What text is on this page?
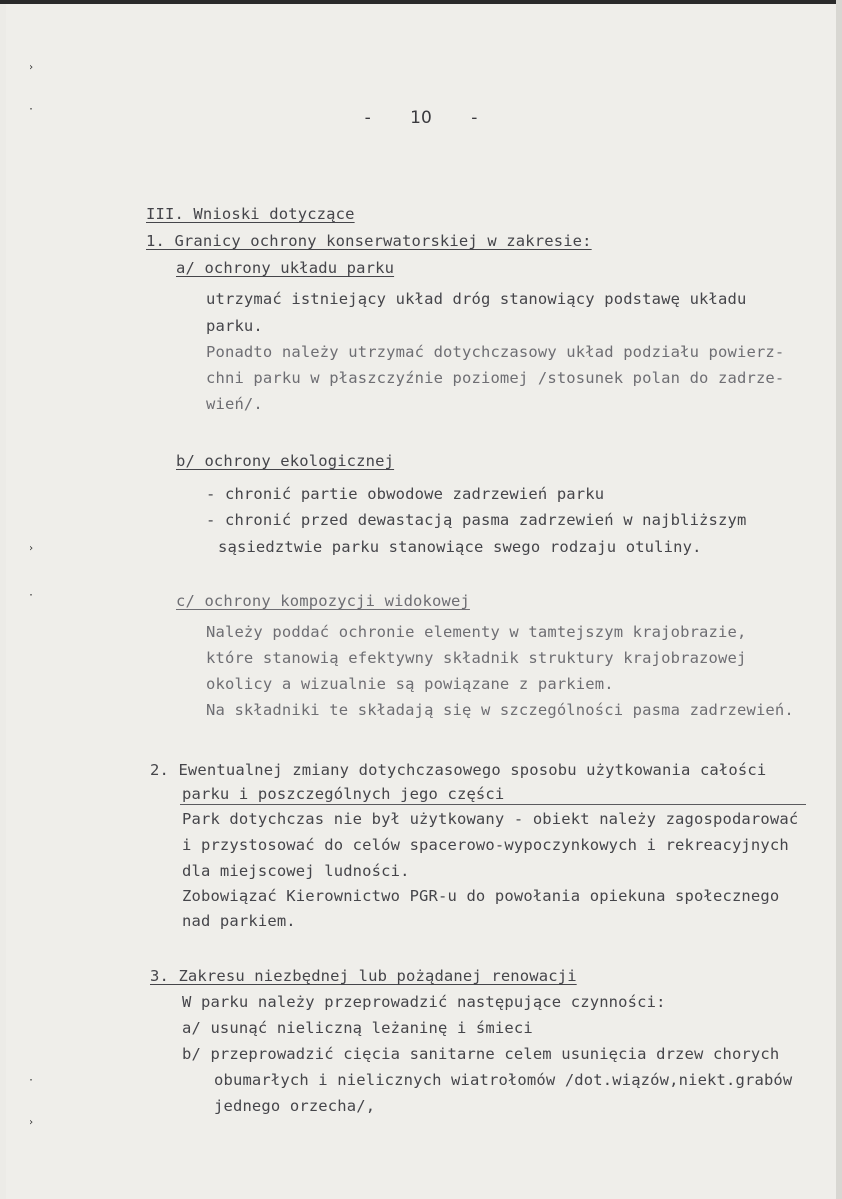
›
·
›
·
·
›
- 10 -
III. Wnioski dotyczące
1. Granicy ochrony konserwatorskiej w zakresie:
a/ ochrony układu parku
utrzymać istniejący układ dróg stanowiący podstawę układu
parku.
Ponadto należy utrzymać dotychczasowy układ podziału powierz-
chni parku w płaszczyźnie poziomej /stosunek polan do zadrze-
wień/.
b/ ochrony ekologicznej
- chronić partie obwodowe zadrzewień parku
- chronić przed dewastacją pasma zadrzewień w najbliższym
sąsiedztwie parku stanowiące swego rodzaju otuliny.
c/ ochrony kompozycji widokowej
Należy poddać ochronie elementy w tamtejszym krajobrazie,
które stanowią efektywny składnik struktury krajobrazowej
okolicy a wizualnie są powiązane z parkiem.
Na składniki te składają się w szczególności pasma zadrzewień.
2. Ewentualnej zmiany dotychczasowego sposobu użytkowania całości
parku i poszczególnych jego części
Park dotychczas nie był użytkowany - obiekt należy zagospodarować
i przystosować do celów spacerowo-wypoczynkowych i rekreacyjnych
dla miejscowej ludności.
Zobowiązać Kierownictwo PGR-u do powołania opiekuna społecznego
nad parkiem.
3. Zakresu niezbędnej lub pożądanej renowacji
W parku należy przeprowadzić następujące czynności:
a/ usunąć nieliczną leżaninę i śmieci
b/ przeprowadzić cięcia sanitarne celem usunięcia drzew chorych
obumarłych i nielicznych wiatrołomów /dot.wiązów,niekt.grabów
jednego orzecha/,
